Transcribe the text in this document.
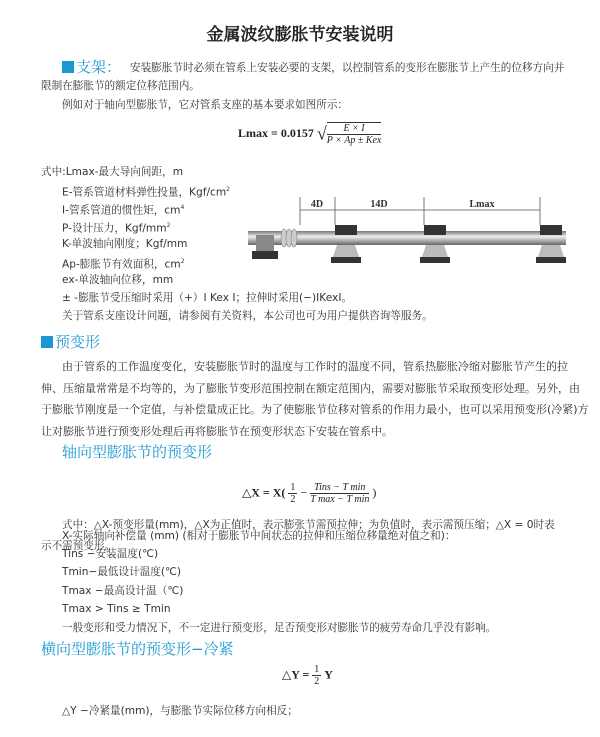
金属波纹膨胀节安装说明
支架： 安装膨胀节时必须在管系上安装必要的支架，以控制管系的变形在膨胀节上产生的位移方向并
限制在膨胀节的额定位移范围内。
例如对于轴向型膨胀节，它对管系支座的基本要求如图所示：
Lmax = 0.0157 √ $\frac{E \times I}{\text{P × Ap ± Kex}}$
式中:Lmax-最大导向间距，m
E-管系管道材料弹性投量，Kgf/$cm^2$
I-管系管道的惯性矩，$cm^4$
P-设计压力，Kgf/$mm^2$
K-单波轴向刚度；Kgf/mm
Ap-膨胀节有效面积，$cm^2$
ex-单波轴向位移，mm
± -膨胀节受压缩时采用（+）I Kex I；拉伸时采用(−)IKexI。
关于管系支座设计问题，请参阅有关资料，本公司也可为用户提供咨询等服务。
4D	14D	Lmax
预变形
由于管系的工作温度变化，安装膨胀节时的温度与工作时的温度不同，管系热膨胀冷缩对膨胀节产生的拉
伸、压缩量常常是不均等的，为了膨胀节变形范围控制在额定范围内，需要对膨胀节采取预变形处理。另外，由
于膨胀节刚度是一个定值，与补偿量成正比。为了使膨胀节位移对管系的作用力最小，也可以采用预变形(冷紧)方
让对膨胀节进行预变形处理后再将膨胀节在预变形状态下安装在管系中。
轴向型膨胀节的预变形
△X = $X( \frac{1}{2} - \frac{\text{Tins − T min}}{\text{T max − T min}}$ )
式中：△X-预变形量(mm)，△X为正值时，表示膨张节需预拉伸；为负值时，表示需预压缩；△X = 0时表
示不需预变形。
X-实际轴向补偿量 (mm) (相对于膨胀节中间状态的拉伸和压缩位移量绝对值之和)：
Tins −安装温度(℃)
Tmin−最低设计温度(℃)
Tmax −最高设计温（℃)
横向型膨胀节的预变形−冷紧
△Y = $\frac{1}{2}$ Y
△Y −冷紧量(mm)，与膨胀节实际位移方向相反；
Tmax > Tins ≥ Tmin
一般变形和受力情况下，不一定进行预变形，足否预变形对膨胀节的疲劳寿命几乎没有影响。
